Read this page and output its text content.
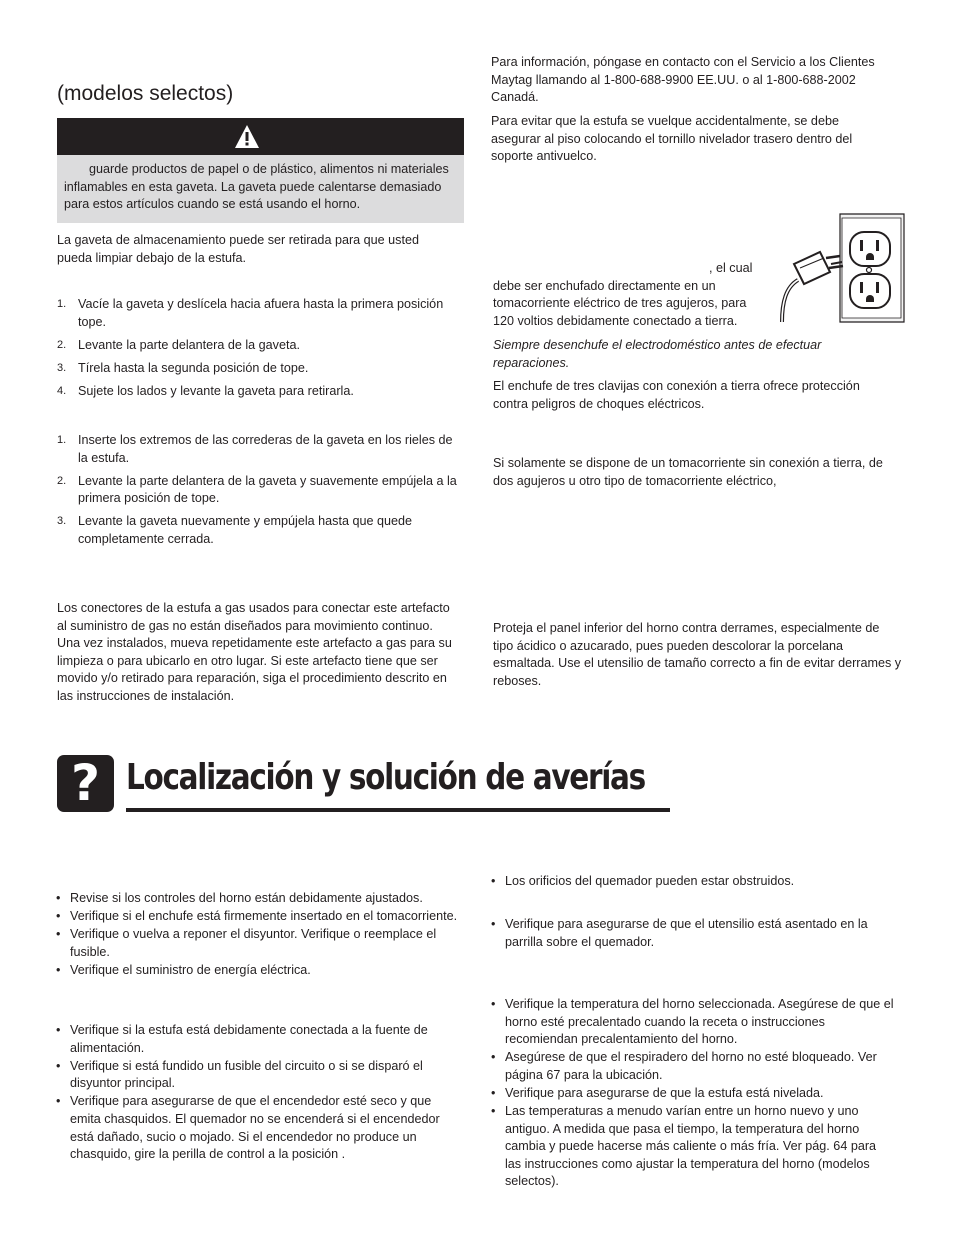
(modelos selectos)

guarde productos de papel o de plástico, alimentos ni materiales inflamables en esta gaveta. La gaveta puede calentarse demasiado para estos artículos cuando se está usando el horno.

La gaveta de almacenamiento puede ser retirada para que usted pueda limpiar debajo de la estufa.

1. Vacíe la gaveta y deslícela hacia afuera hasta la primera posición tope.
2. Levante la parte delantera de la gaveta.
3. Tírela hasta la segunda posición de tope.
4. Sujete los lados y levante la gaveta para retirarla.
1. Inserte los extremos de las correderas de la gaveta en los rieles de la estufa.
2. Levante la parte delantera de la gaveta y suavemente empújela a la primera posición de tope.
3. Levante la gaveta nuevamente y empújela hasta que quede completamente cerrada.

Los conectores de la estufa a gas usados para conectar este artefacto al suministro de gas no están diseñados para movimiento continuo. Una vez instalados, mueva repetidamente este artefacto a gas para su limpieza o para ubicarlo en otro lugar. Si este artefacto tiene que ser movido y/o retirado para reparación, siga el procedimiento descrito en las instrucciones de instalación.

Para información, póngase en contacto con el Servicio a los Clientes Maytag llamando al 1-800-688-9900 EE.UU. o al 1-800-688-2002 Canadá.

Para evitar que la estufa se vuelque accidentalmente, se debe asegurar al piso colocando el tornillo nivelador trasero dentro del soporte antivuelco.

, el cual debe ser enchufado directamente en un tomacorriente eléctrico de tres agujeros, para 120 voltios debidamente conectado a tierra.

Siempre desenchufe el electrodoméstico antes de efectuar reparaciones.

El enchufe de tres clavijas con conexión a tierra ofrece protección contra peligros de choques eléctricos.

Si solamente se dispone de un tomacorriente sin conexión a tierra, de dos agujeros u otro tipo de tomacorriente eléctrico,

Proteja el panel inferior del horno contra derrames, especialmente de tipo ácidico o azucarado, pues pueden descolorar la porcelana esmaltada. Use el utensilio de tamaño correcto a fin de evitar derrames y reboses.

? Localización y solución de averías
• Revise si los controles del horno están debidamente ajustados.
• Verifique si el enchufe está firmemente insertado en el tomacorriente.
• Verifique o vuelva a reponer el disyuntor. Verifique o reemplace el fusible.
• Verifique el suministro de energía eléctrica.
• Verifique si la estufa está debidamente conectada a la fuente de alimentación.
• Verifique si está fundido un fusible del circuito o si se disparó el disyuntor principal.
• Verifique para asegurarse de que el encendedor esté seco y que emita chasquidos. El quemador no se encenderá si el encendedor está dañado, sucio o mojado. Si el encendedor no produce un chasquido, gire la perilla de control a la posición .
• Los orificios del quemador pueden estar obstruidos.
• Verifique para asegurarse de que el utensilio está asentado en la parrilla sobre el quemador.
• Verifique la temperatura del horno seleccionada. Asegúrese de que el horno esté precalentado cuando la receta o instrucciones recomiendan precalentamiento del horno.
• Asegúrese de que el respiradero del horno no esté bloqueado. Ver página 67 para la ubicación.
• Verifique para asegurarse de que la estufa está nivelada.
• Las temperaturas a menudo varían entre un horno nuevo y uno antiguo. A medida que pasa el tiempo, la temperatura del horno cambia y puede hacerse más caliente o más fría. Ver pág. 64 para las instrucciones como ajustar la temperatura del horno (modelos selectos).
